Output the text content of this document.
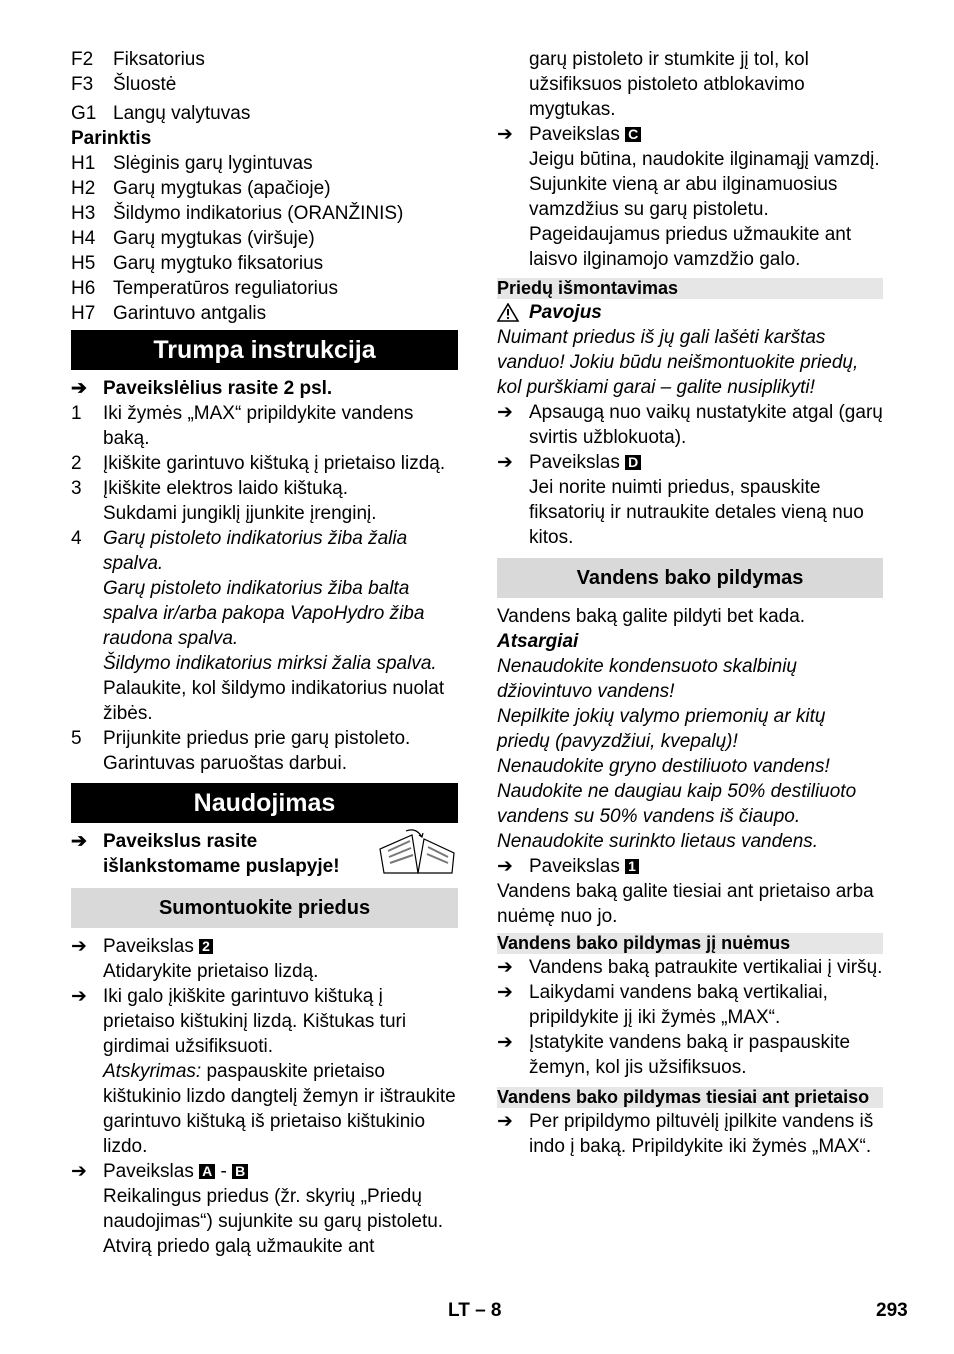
F2	Fiksatorius
F3	Šluostė
G1 Langų valytuvas
Parinktis
H1 Slėginis garų lygintuvas
H2 Garų mygtukas (apačioje)
H3 Šildymo indikatorius (ORANŽINIS)
H4 Garų mygtukas (viršuje)
H5 Garų mygtuko fiksatorius
H6 Temperatūros reguliatorius
H7 Garintuvo antgalis
Trumpa instrukcija
➔ Paveikslėlius rasite 2 psl.
1	Iki žymės „MAX“ pripildykite vandens baką.
2	Įkiškite garintuvo kištuką į prietaiso lizdą.
3	Įkiškite elektros laido kištuką.
Sukdami jungiklį įjunkite įrenginį.
4	Garų pistoleto indikatorius žiba žalia spalva.
Garų pistoleto indikatorius žiba balta spalva ir/arba pakopa VapoHydro žiba raudona spalva.
Šildymo indikatorius mirksi žalia spalva.
Palaukite, kol šildymo indikatorius nuolat žibės.
5	Prijunkite priedus prie garų pistoleto.
Garintuvas paruoštas darbui.
Naudojimas
➔ Paveikslus rasite išlankstomame puslapyje!
Sumontuokite priedus
➔ Paveikslas 2
Atidarykite prietaiso lizdą.
➔ Iki galo įkiškite garintuvo kištuką į prietaiso kištukinį lizdą. Kištukas turi girdimai užsifiksuoti.
Atskyrimas: paspauskite prietaiso kištukinio lizdo dangtelį žemyn ir ištraukite garintuvo kištuką iš prietaiso kištukinio lizdo.
➔ Paveikslas A - B
Reikalingus priedus (žr. skyrių „Priedų naudojimas“) sujunkite su garų pistoletu. Atvirą priedo galą užmaukite ant
garų pistoleto ir stumkite jį tol, kol užsifiksuos pistoleto atblokavimo mygtukas.
➔ Paveikslas C
Jeigu būtina, naudokite ilginamąjį vamzdį. Sujunkite vieną ar abu ilginamuosius vamzdžius su garų pistoletu. Pageidaujamus priedus užmaukite ant laisvo ilginamojo vamzdžio galo.
Priedų išmontavimas
Pavojus
Nuimant priedus iš jų gali lašėti karštas vanduo! Jokiu būdu neišmontuokite priedų, kol purškiami garai – galite nusiplikyti!
➔ Apsaugą nuo vaikų nustatykite atgal (garų svirtis užblokuota).
➔ Paveikslas D
Jei norite nuimti priedus, spauskite fiksatorių ir nutraukite detales vieną nuo kitos.
Vandens bako pildymas
Vandens baką galite pildyti bet kada.
Atsargiai
Nenaudokite kondensuoto skalbinių džiovintuvo vandens!
Nepilkite jokių valymo priemonių ar kitų priedų (pavyzdžiui, kvepalų)!
Nenaudokite gryno destiliuoto vandens!
Naudokite ne daugiau kaip 50% destiliuoto vandens su 50% vandens iš čiaupo.
Nenaudokite surinkto lietaus vandens.
➔ Paveikslas 1
Vandens baką galite tiesiai ant prietaiso arba nuėmę nuo jo.
Vandens bako pildymas jį nuėmus
➔ Vandens baką patraukite vertikaliai į viršų.
➔ Laikydami vandens baką vertikaliai, pripildykite jį iki žymės „MAX“.
➔ Įstatykite vandens baką ir paspauskite žemyn, kol jis užsifiksuos.
Vandens bako pildymas tiesiai ant prietaiso
➔ Per pripildymo piltuvėlį įpilkite vandens iš indo į baką. Pripildykite iki žymės „MAX“.
LT – 8	293
